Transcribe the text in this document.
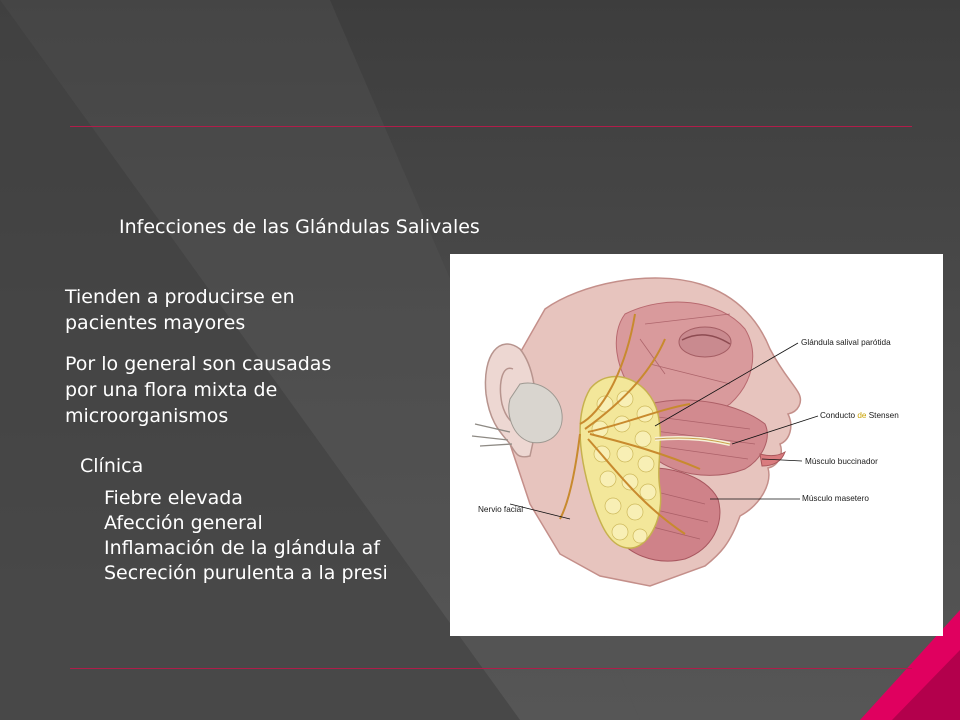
Infecciones de las Glándulas Salivales

Tienden a producirse en
pacientes mayores

Por lo general son causadas
por una flora mixta de
microorganismos

Clínica

Fiebre elevada
Afección general
Inflamación de la glándula af
Secreción purulenta a la presi
Glándula salival parótida
Conducto de Stensen
Músculo buccinador
Músculo masetero
Nervio facial
